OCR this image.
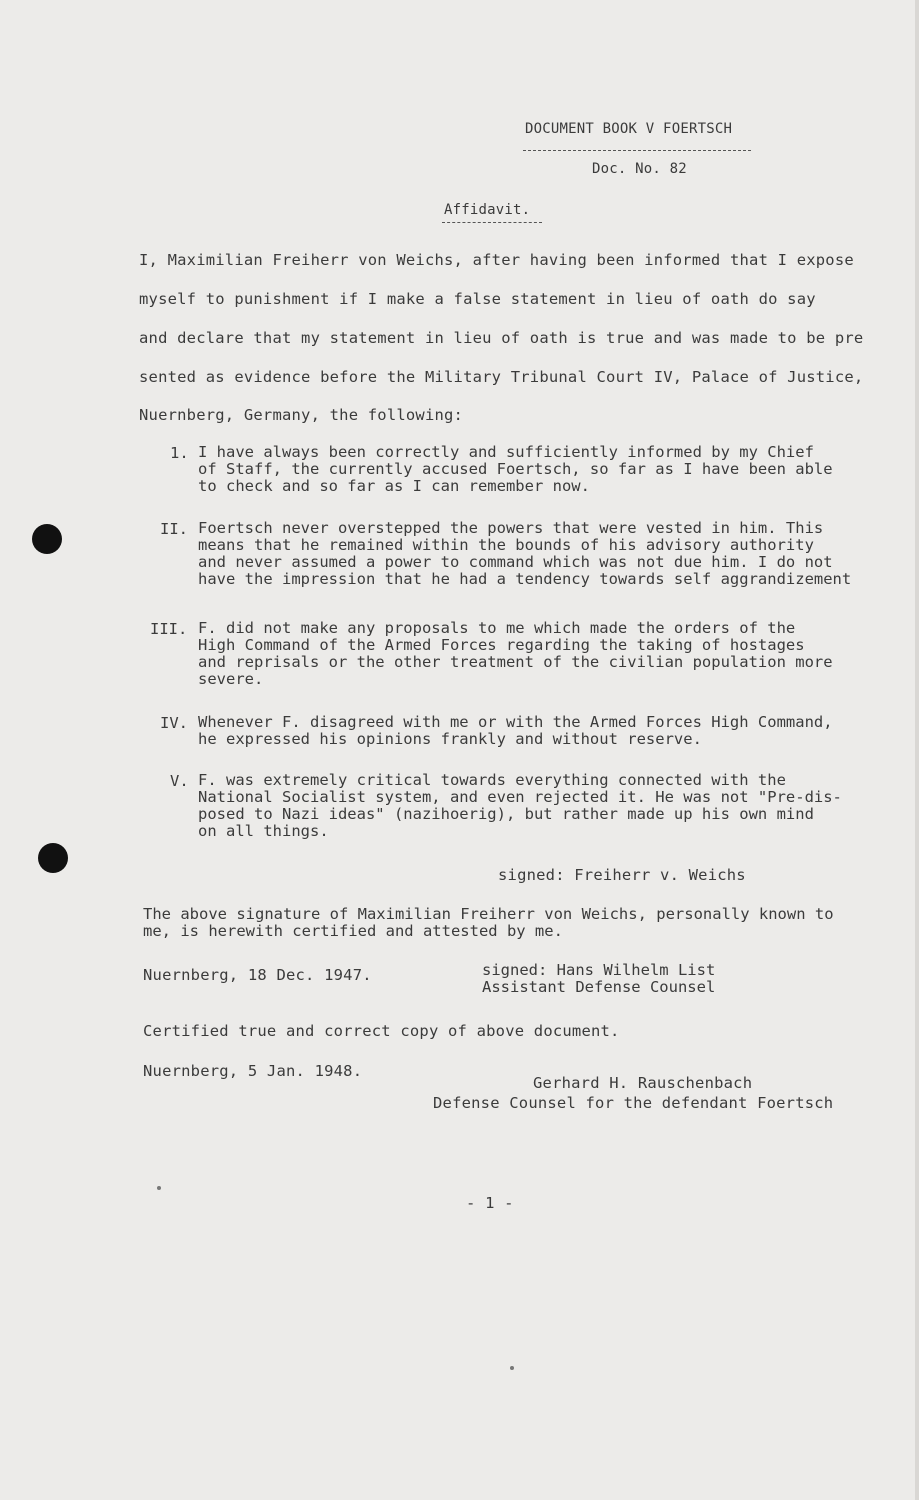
DOCUMENT BOOK V FOERTSCH
Doc. No. 82
Affidavit.
I, Maximilian Freiherr von Weichs, after having been informed that I expose
myself to punishment if I make a false statement in lieu of oath do say
and declare that my statement in lieu of oath is true and was made to be pre
sented as evidence before the Military Tribunal Court IV, Palace of Justice,
Nuernberg, Germany, the following:
1. I have always been correctly and sufficiently informed by my Chief
of Staff, the currently accused Foertsch, so far as I have been able
to check and so far as I can remember now.
II. Foertsch never overstepped the powers that were vested in him. This
means that he remained within the bounds of his advisory authority
and never assumed a power to command which was not due him. I do not
have the impression that he had a tendency towards self aggrandizement
III. F. did not make any proposals to me which made the orders of the
High Command of the Armed Forces regarding the taking of hostages
and reprisals or the other treatment of the civilian population more
severe.
IV. Whenever F. disagreed with me or with the Armed Forces High Command,
he expressed his opinions frankly and without reserve.
V. F. was extremely critical towards everything connected with the
National Socialist system, and even rejected it. He was not "Pre-dis-
posed to Nazi ideas" (nazihoerig), but rather made up his own mind
on all things.
signed: Freiherr v. Weichs
The above signature of Maximilian Freiherr von Weichs, personally known to
me, is herewith certified and attested by me.
Nuernberg, 18 Dec. 1947.	signed: Hans Wilhelm List
Assistant Defense Counsel
Certified true and correct copy of above document.
Nuernberg, 5 Jan. 1948.
Gerhard H. Rauschenbach
Defense Counsel for the defendant Foertsch
- 1 -
